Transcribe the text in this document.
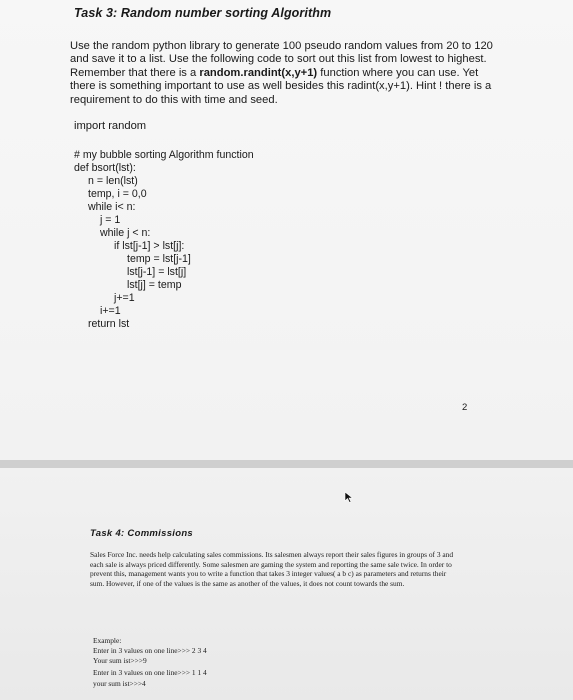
Task 3: Random number sorting Algorithm
Use the random python library to generate 100 pseudo random values from 20 to 120 and save it to a list. Use the following code to sort out this list from lowest to highest. Remember that there is a random.randint(x,y+1) function where you can use. Yet there is something important to use as well besides this radint(x,y+1). Hint ! there is a requirement to do this with time and seed.
import random
# my bubble sorting Algorithm function
def bsort(lst):
n = len(lst)
temp, i = 0,0
while i< n:
j = 1
while j < n:
if lst[j-1] > lst[j]:
temp = lst[j-1]
lst[j-1] = lst[j]
lst[j] = temp
j+=1
i+=1
return lst
2
Task 4: Commissions
Sales Force Inc. needs help calculating sales commissions. Its salesmen always report their sales figures in groups of 3 and each sale is always priced differently. Some salesmen are gaming the system and reporting the same sale twice. In order to prevent this, management wants you to write a function that takes 3 integer values( a b c) as parameters and returns their sum. However, if one of the values is the same as another of the values, it does not count towards the sum.
Example:
Enter in 3 values on one line>>> 2 3 4
Your sum ist>>>9
Enter in 3 values on one line>>> 1 1 4
your sum ist>>>4
